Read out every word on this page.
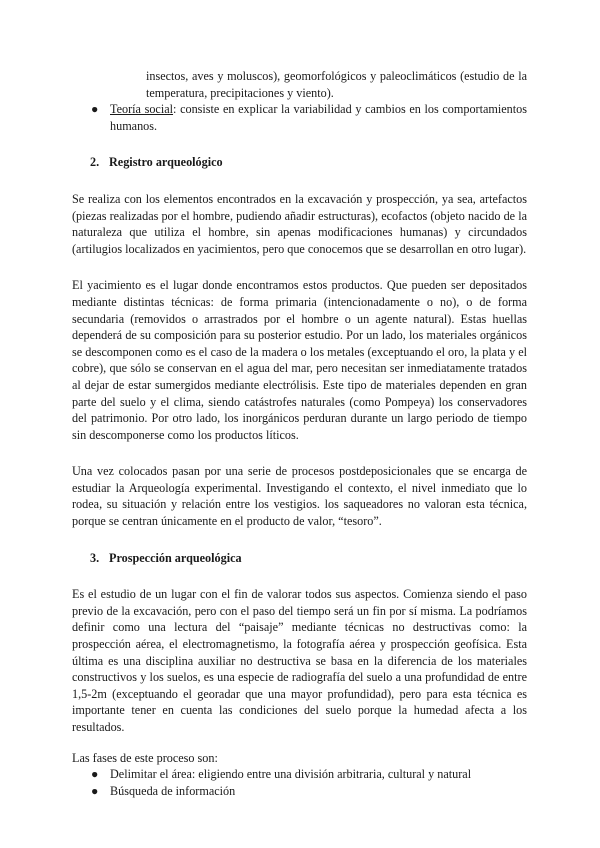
insectos, aves y moluscos), geomorfológicos y paleoclimáticos (estudio de la temperatura, precipitaciones y viento).
● Teoría social: consiste en explicar la variabilidad y cambios en los comportamientos humanos.
2. Registro arqueológico

Se realiza con los elementos encontrados en la excavación y prospección, ya sea, artefactos (piezas realizadas por el hombre, pudiendo añadir estructuras), ecofactos (objeto nacido de la naturaleza que utiliza el hombre, sin apenas modificaciones humanas) y circundados (artilugios localizados en yacimientos, pero que conocemos que se desarrollan en otro lugar).

El yacimiento es el lugar donde encontramos estos productos. Que pueden ser depositados mediante distintas técnicas: de forma primaria (intencionadamente o no), o de forma secundaria (removidos o arrastrados por el hombre o un agente natural). Estas huellas dependerá de su composición para su posterior estudio. Por un lado, los materiales orgánicos se descomponen como es el caso de la madera o los metales (exceptuando el oro, la plata y el cobre), que sólo se conservan en el agua del mar, pero necesitan ser inmediatamente tratados al dejar de estar sumergidos mediante electrólisis. Este tipo de materiales dependen en gran parte del suelo y el clima, siendo catástrofes naturales (como Pompeya) los conservadores del patrimonio. Por otro lado, los inorgánicos perduran durante un largo periodo de tiempo sin descomponerse como los productos líticos.

Una vez colocados pasan por una serie de procesos postdeposicionales que se encarga de estudiar la Arqueología experimental. Investigando el contexto, el nivel inmediato que lo rodea, su situación y relación entre los vestigios. los saqueadores no valoran esta técnica, porque se centran únicamente en el producto de valor, “tesoro”.

3. Prospección arqueológica

Es el estudio de un lugar con el fin de valorar todos sus aspectos. Comienza siendo el paso previo de la excavación, pero con el paso del tiempo será un fin por sí misma. La podríamos definir como una lectura del “paisaje” mediante técnicas no destructivas como: la prospección aérea, el electromagnetismo, la fotografía aérea y prospección geofísica. Esta última es una disciplina auxiliar no destructiva se basa en la diferencia de los materiales constructivos y los suelos, es una especie de radiografía del suelo a una profundidad de entre 1,5-2m (exceptuando el georadar que una mayor profundidad), pero para esta técnica es importante tener en cuenta las condiciones del suelo porque la humedad afecta a los resultados.

Las fases de este proceso son:

● Delimitar el área: eligiendo entre una división arbitraria, cultural y natural
● Búsqueda de información
